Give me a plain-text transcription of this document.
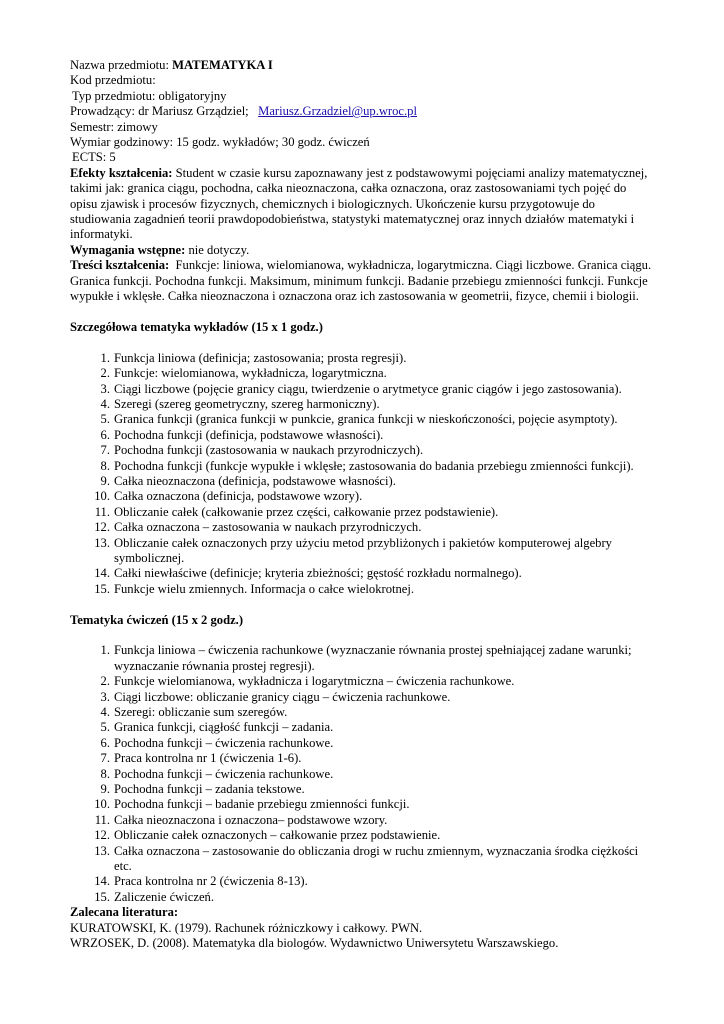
Nazwa przedmiotu: MATEMATYKA I
Kod przedmiotu:
Typ przedmiotu: obligatoryjny
Prowadzący: dr Mariusz Grządziel; Mariusz.Grzadziel@up.wroc.pl
Semestr: zimowy
Wymiar godzinowy: 15 godz. wykładów; 30 godz. ćwiczeń
ECTS: 5
Efekty kształcenia: Student w czasie kursu zapoznawany jest z podstawowymi pojęciami analizy matematycznej, takimi jak: granica ciągu, pochodna, całka nieoznaczona, całka oznaczona, oraz zastosowaniami tych pojęć do opisu zjawisk i procesów fizycznych, chemicznych i biologicznych. Ukończenie kursu przygotowuje do studiowania zagadnień teorii prawdopodobieństwa, statystyki matematycznej oraz innych działów matematyki i informatyki.
Wymagania wstępne: nie dotyczy.
Treści kształcenia: Funkcje: liniowa, wielomianowa, wykładnicza, logarytmiczna. Ciągi liczbowe. Granica ciągu. Granica funkcji. Pochodna funkcji. Maksimum, minimum funkcji. Badanie przebiegu zmienności funkcji. Funkcje wypukłe i wklęsłe. Całka nieoznaczona i oznaczona oraz ich zastosowania w geometrii, fizyce, chemii i biologii.
Szczegółowa tematyka wykładów (15 x 1 godz.)
1. Funkcja liniowa (definicja; zastosowania; prosta regresji).
2. Funkcje: wielomianowa, wykładnicza, logarytmiczna.
3. Ciągi liczbowe (pojęcie granicy ciągu, twierdzenie o arytmetyce granic ciągów i jego zastosowania).
4. Szeregi (szereg geometryczny, szereg harmoniczny).
5. Granica funkcji (granica funkcji w punkcie, granica funkcji w nieskończoności, pojęcie asymptoty).
6. Pochodna funkcji (definicja, podstawowe własności).
7. Pochodna funkcji (zastosowania w naukach przyrodniczych).
8. Pochodna funkcji (funkcje wypukłe i wklęsłe; zastosowania do badania przebiegu zmienności funkcji).
9. Całka nieoznaczona (definicja, podstawowe własności).
10. Całka oznaczona (definicja, podstawowe wzory).
11. Obliczanie całek (całkowanie przez części, całkowanie przez podstawienie).
12. Całka oznaczona – zastosowania w naukach przyrodniczych.
13. Obliczanie całek oznaczonych przy użyciu metod przybliżonych i pakietów komputerowej algebry symbolicznej.
14. Całki niewłaściwe (definicje; kryteria zbieżności; gęstość rozkładu normalnego).
15. Funkcje wielu zmiennych. Informacja o całce wielokrotnej.
Tematyka ćwiczeń (15 x 2 godz.)
1. Funkcja liniowa – ćwiczenia rachunkowe (wyznaczanie równania prostej spełniającej zadane warunki; wyznaczanie równania prostej regresji).
2. Funkcje wielomianowa, wykładnicza i logarytmiczna – ćwiczenia rachunkowe.
3. Ciągi liczbowe: obliczanie granicy ciągu – ćwiczenia rachunkowe.
4. Szeregi: obliczanie sum szeregów.
5. Granica funkcji, ciągłość funkcji – zadania.
6. Pochodna funkcji – ćwiczenia rachunkowe.
7. Praca kontrolna nr 1 (ćwiczenia 1-6).
8. Pochodna funkcji – ćwiczenia rachunkowe.
9. Pochodna funkcji – zadania tekstowe.
10. Pochodna funkcji – badanie przebiegu zmienności funkcji.
11. Całka nieoznaczona i oznaczona– podstawowe wzory.
12. Obliczanie całek oznaczonych – całkowanie przez podstawienie.
13. Całka oznaczona – zastosowanie do obliczania drogi w ruchu zmiennym, wyznaczania środka ciężkości etc.
14. Praca kontrolna nr 2 (ćwiczenia 8-13).
15. Zaliczenie ćwiczeń.
Zalecana literatura:
KURATOWSKI, K. (1979). Rachunek różniczkowy i całkowy. PWN.
WRZOSEK, D. (2008). Matematyka dla biologów. Wydawnictwo Uniwersytetu Warszawskiego.
